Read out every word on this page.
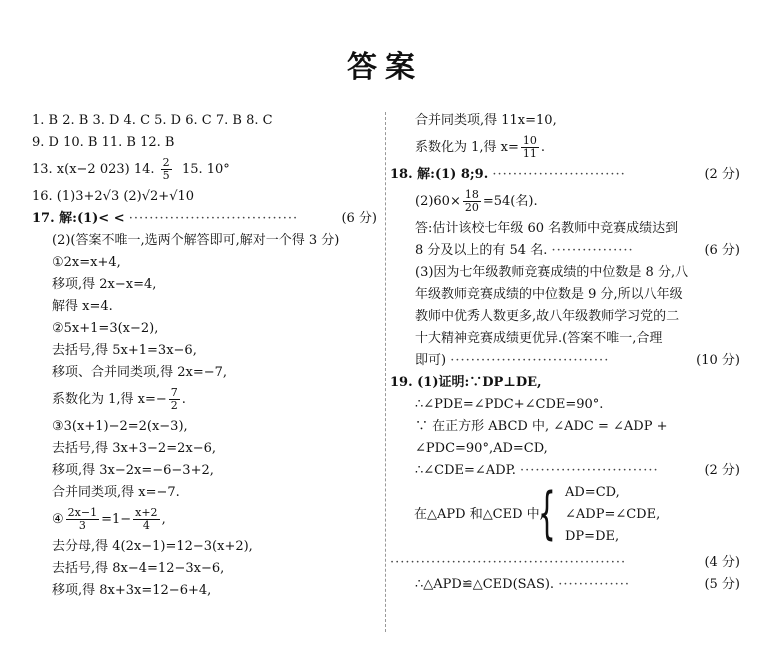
答案
1. B 2. B 3. D 4. C 5. D 6. C 7. B 8. C
9. D 10. B 11. B 12. B
13. x(x−2 023) 14. $\frac{2}{5} 15$. 10°
16. (1)3+2√3 (2)√2+√10
17. 解:(1)< < ·································	(6 分)
(2)(答案不唯一,选两个解答即可,解对一个得 3 分)
①2x=x+4,
移项,得 2x−x=4,
解得 x=4.
②5x+1=3(x−2),
去括号,得 5x+1=3x−6,
移项、合并同类项,得 2x=−7,
系数化为 1,得 $x=- \frac{7}{2}$ .
③3(x+1)−2=2(x−3),
去括号,得 3x+3−2=2x−6,
移项,得 3x−2x=−6−3+2,
合并同类项,得 x=−7.
④ $\frac{2x-1}{3} =1- \frac{x+2}{4}$ ,
去分母,得 4(2x−1)=12−3(x+2),
去括号,得 8x−4=12−3x−6,
移项,得 8x+3x=12−6+4,
合并同类项,得 11x=10,
系数化为 1,得 $x= \frac{10}{11}$ .
18. 解:(1) 8;9. ··························	(2 分)
$(2)60\times \frac{18}{20} =54$(名).
答:估计该校七年级 60 名教师中竞赛成绩达到
8 分及以上的有 54 名. ················	(6 分)
(3)因为七年级教师竞赛成绩的中位数是 8 分,八
年级教师竞赛成绩的中位数是 9 分,所以八年级
教师中优秀人数更多,故八年级教师学习党的二
十大精神竞赛成绩更优异.(答案不唯一,合理
即可) ·······························	(10 分)
19. (1)证明:∵DP⊥DE,
∴∠PDE=∠PDC+∠CDE=90°.
∵ 在正方形 ABCD 中, ∠ADC = ∠ADP +
∠PDC=90°,AD=CD,
∴∠CDE=∠ADP. ···························	(2 分)
在△APD 和△CED 中,
{ AD=CD,
∠ADP=∠CDE,
DP=DE,
··············································	(4 分)
∴△APD≌△CED(SAS). ··············	(5 分)
